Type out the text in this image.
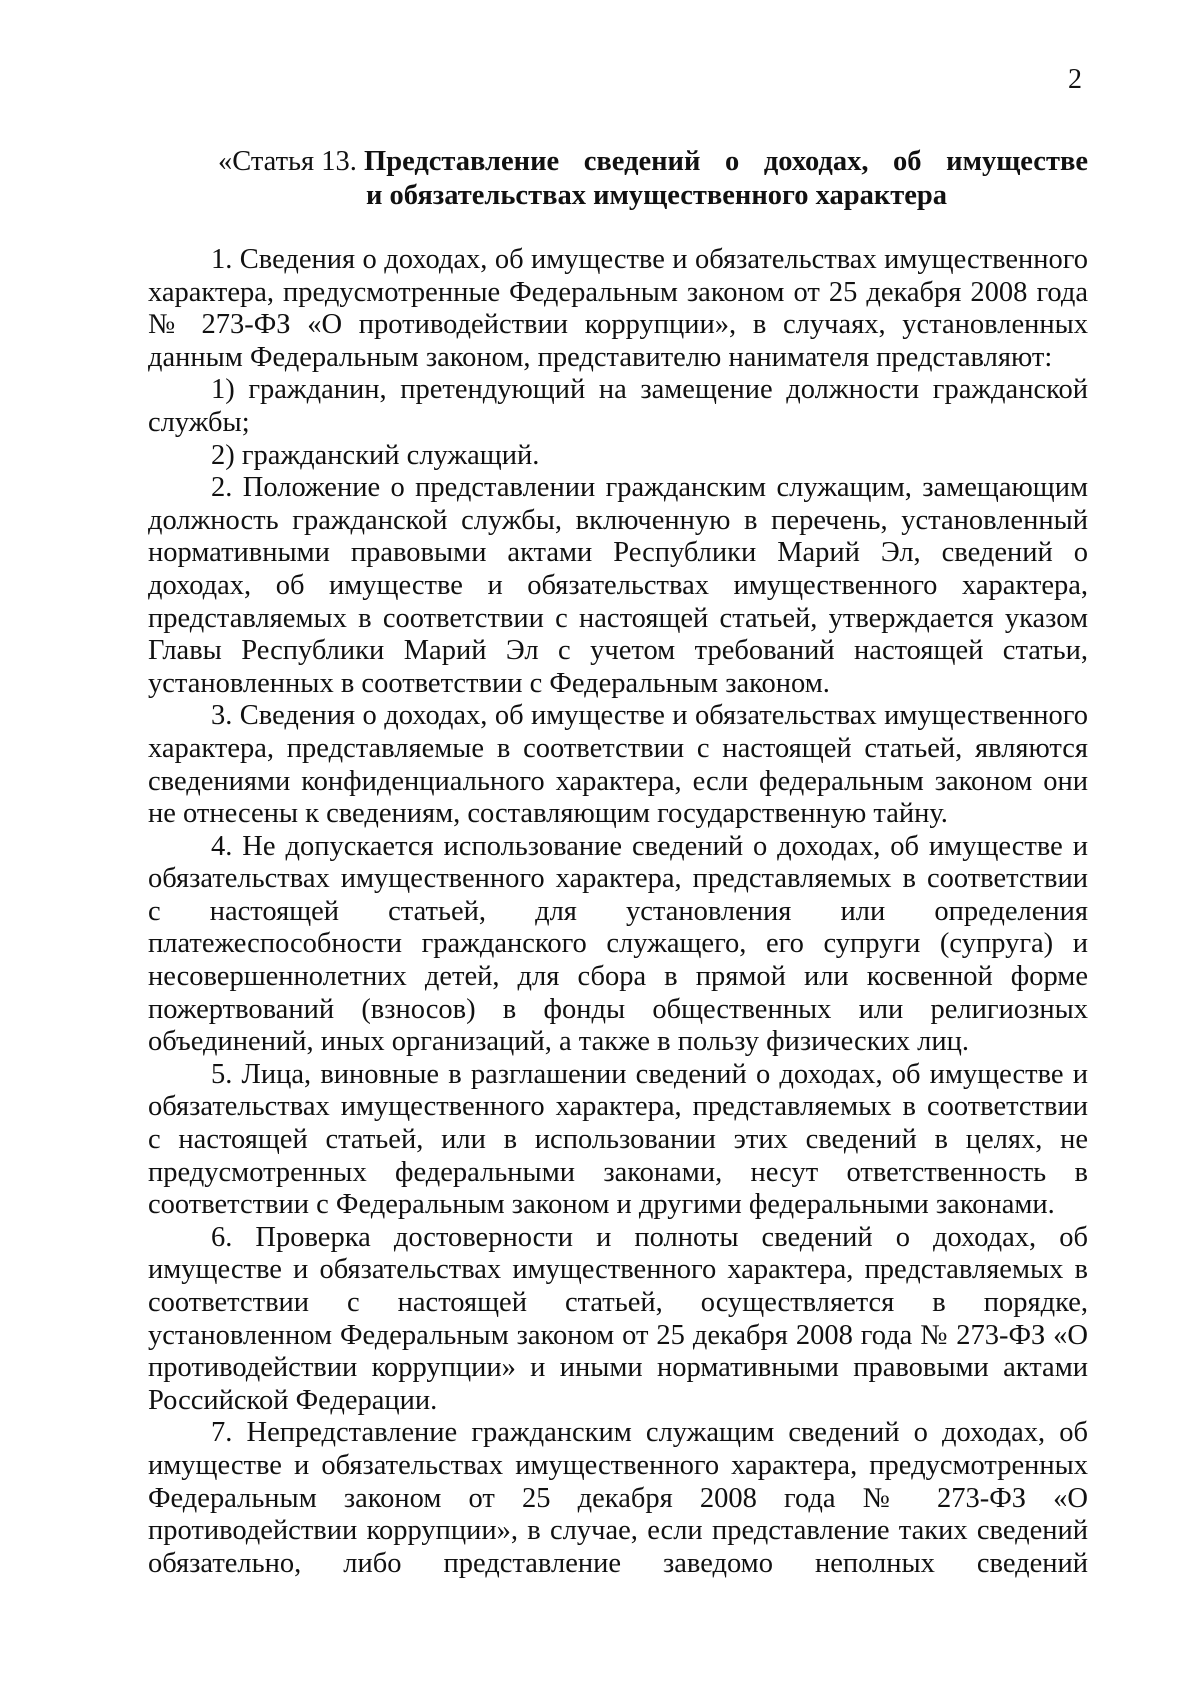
2
«Статья 13. Представление сведений о доходах, об имуществе
и обязательствах имущественного характера

1. Сведения о доходах, об имуществе и обязательствах имущественного характера, предусмотренные Федеральным законом от 25 декабря 2008 года № 273-ФЗ «О противодействии коррупции», в случаях, установленных данным Федеральным законом, представителю нанимателя представляют:

1) гражданин, претендующий на замещение должности гражданской службы;

2) гражданский служащий.

2. Положение о представлении гражданским служащим, замещающим должность гражданской службы, включенную в перечень, установленный нормативными правовыми актами Республики Марий Эл, сведений о доходах, об имуществе и обязательствах имущественного характера, представляемых в соответствии с настоящей статьей, утверждается указом Главы Республики Марий Эл с учетом требований настоящей статьи, установленных в соответствии с Федеральным законом.

3. Сведения о доходах, об имуществе и обязательствах имущественного характера, представляемые в соответствии с настоящей статьей, являются сведениями конфиденциального характера, если федеральным законом они не отнесены к сведениям, составляющим государственную тайну.

4. Не допускается использование сведений о доходах, об имуществе и обязательствах имущественного характера, представляемых в соответствии с настоящей статьей, для установления или определения платежеспособности гражданского служащего, его супруги (супруга) и несовершеннолетних детей, для сбора в прямой или косвенной форме пожертвований (взносов) в фонды общественных или религиозных объединений, иных организаций, а также в пользу физических лиц.

5. Лица, виновные в разглашении сведений о доходах, об имуществе и обязательствах имущественного характера, представляемых в соответствии с настоящей статьей, или в использовании этих сведений в целях, не предусмотренных федеральными законами, несут ответственность в соответствии с Федеральным законом и другими федеральными законами.

6. Проверка достоверности и полноты сведений о доходах, об имуществе и обязательствах имущественного характера, представляемых в соответствии с настоящей статьей, осуществляется в порядке, установленном Федеральным законом от 25 декабря 2008 года № 273-ФЗ «О противодействии коррупции» и иными нормативными правовыми актами Российской Федерации.

7. Непредставление гражданским служащим сведений о доходах, об имуществе и обязательствах имущественного характера, предусмотренных Федеральным законом от 25 декабря 2008 года № 273-ФЗ «О противодействии коррупции», в случае, если представление таких сведений обязательно, либо представление заведомо неполных сведений
